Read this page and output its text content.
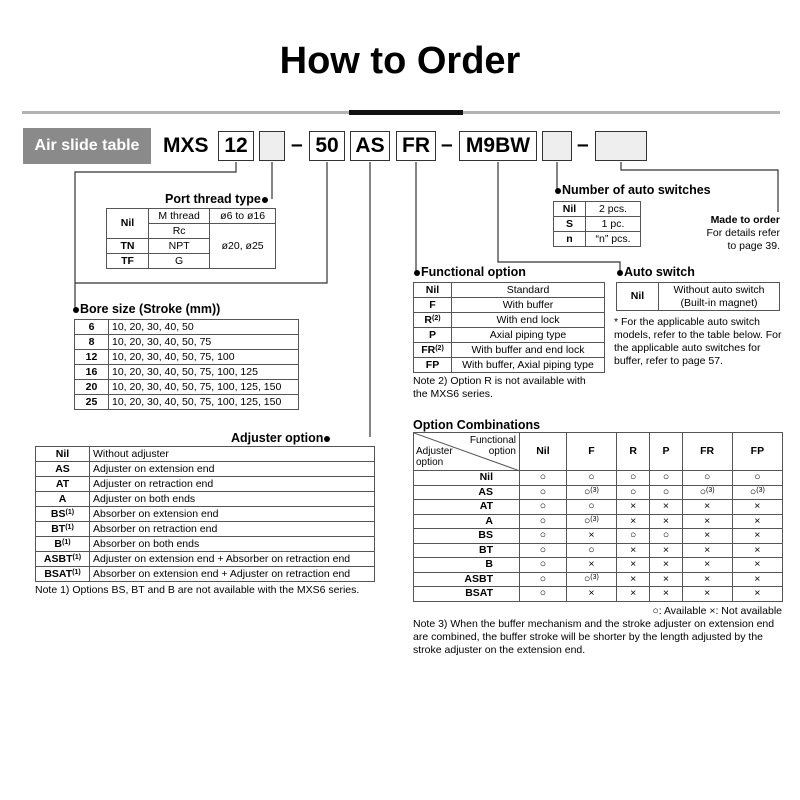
How to Order
Air slide table	MXS 12	– 50 AS FR – M9BW	–
Port thread type
Nil	M thread	ø6 to ø16
	Rc	ø20, ø25
TN	NPT	
TF	G	
Bore size (Stroke (mm))
6	10, 20, 30, 40, 50
8	10, 20, 30, 40, 50, 75
12	10, 20, 30, 40, 50, 75, 100
16	10, 20, 30, 40, 50, 75, 100, 125
20	10, 20, 30, 40, 50, 75, 100, 125, 150
25	10, 20, 30, 40, 50, 75, 100, 125, 150
Adjuster option
Nil	Without adjuster
AS	Adjuster on extension end
AT	Adjuster on retraction end
A	Adjuster on both ends
BS$^{(1)}$	Absorber on extension end
BT$^{(1)}$	Absorber on retraction end
$B^{(1)}$	Absorber on both ends
ASBT$^{(1)}$	Adjuster on extension end + Absorber on retraction end
BSAT$^{(1)}$	Absorber on extension end + Adjuster on retraction end
Note 1) Options BS, BT and B are not available with the MXS6 series.
Functional option
Nil	Standard
F	With buffer
$R^{(2)}$	With end lock
P	Axial piping type
FR$^{(2)}$	With buffer and end lock
FP	With buffer, Axial piping type
Note 2) Option R is not available with the MXS6 series.
Number of auto switches
Nil	2 pcs.
S	1 pc.
n	“n” pcs.
Made to order
For details refer
to page 39.
Auto switch
Nil	
Without auto switch
(Built-in magnet)
* For the applicable auto switch models, refer to the table below. For the applicable auto switches for buffer, refer to page 57.
Option Combinations
Functional option
Adjuster option	Nil	F	R	P	FR	FP
Nil	○	○	○	○	○	○
AS	○	○$^{(3)}$	○	○	○$^{(3)}$	○$^{(3)}$
AT	○	○	×	×	×	×
A	○	○$^{(3)}$	×	×	×	×
BS	○	×	○	○	×	×
BT	○	○	×	×	×	×
B	○	×	×	×	×	×
ASBT	○	○$^{(3)}$	×	×	×	×
BSAT	○	×	×	×	×	×
○: Available ×: Not available
Note 3) When the buffer mechanism and the stroke adjuster on extension end are combined, the buffer stroke will be shorter by the length adjusted by the stroke adjuster on the extension end.
